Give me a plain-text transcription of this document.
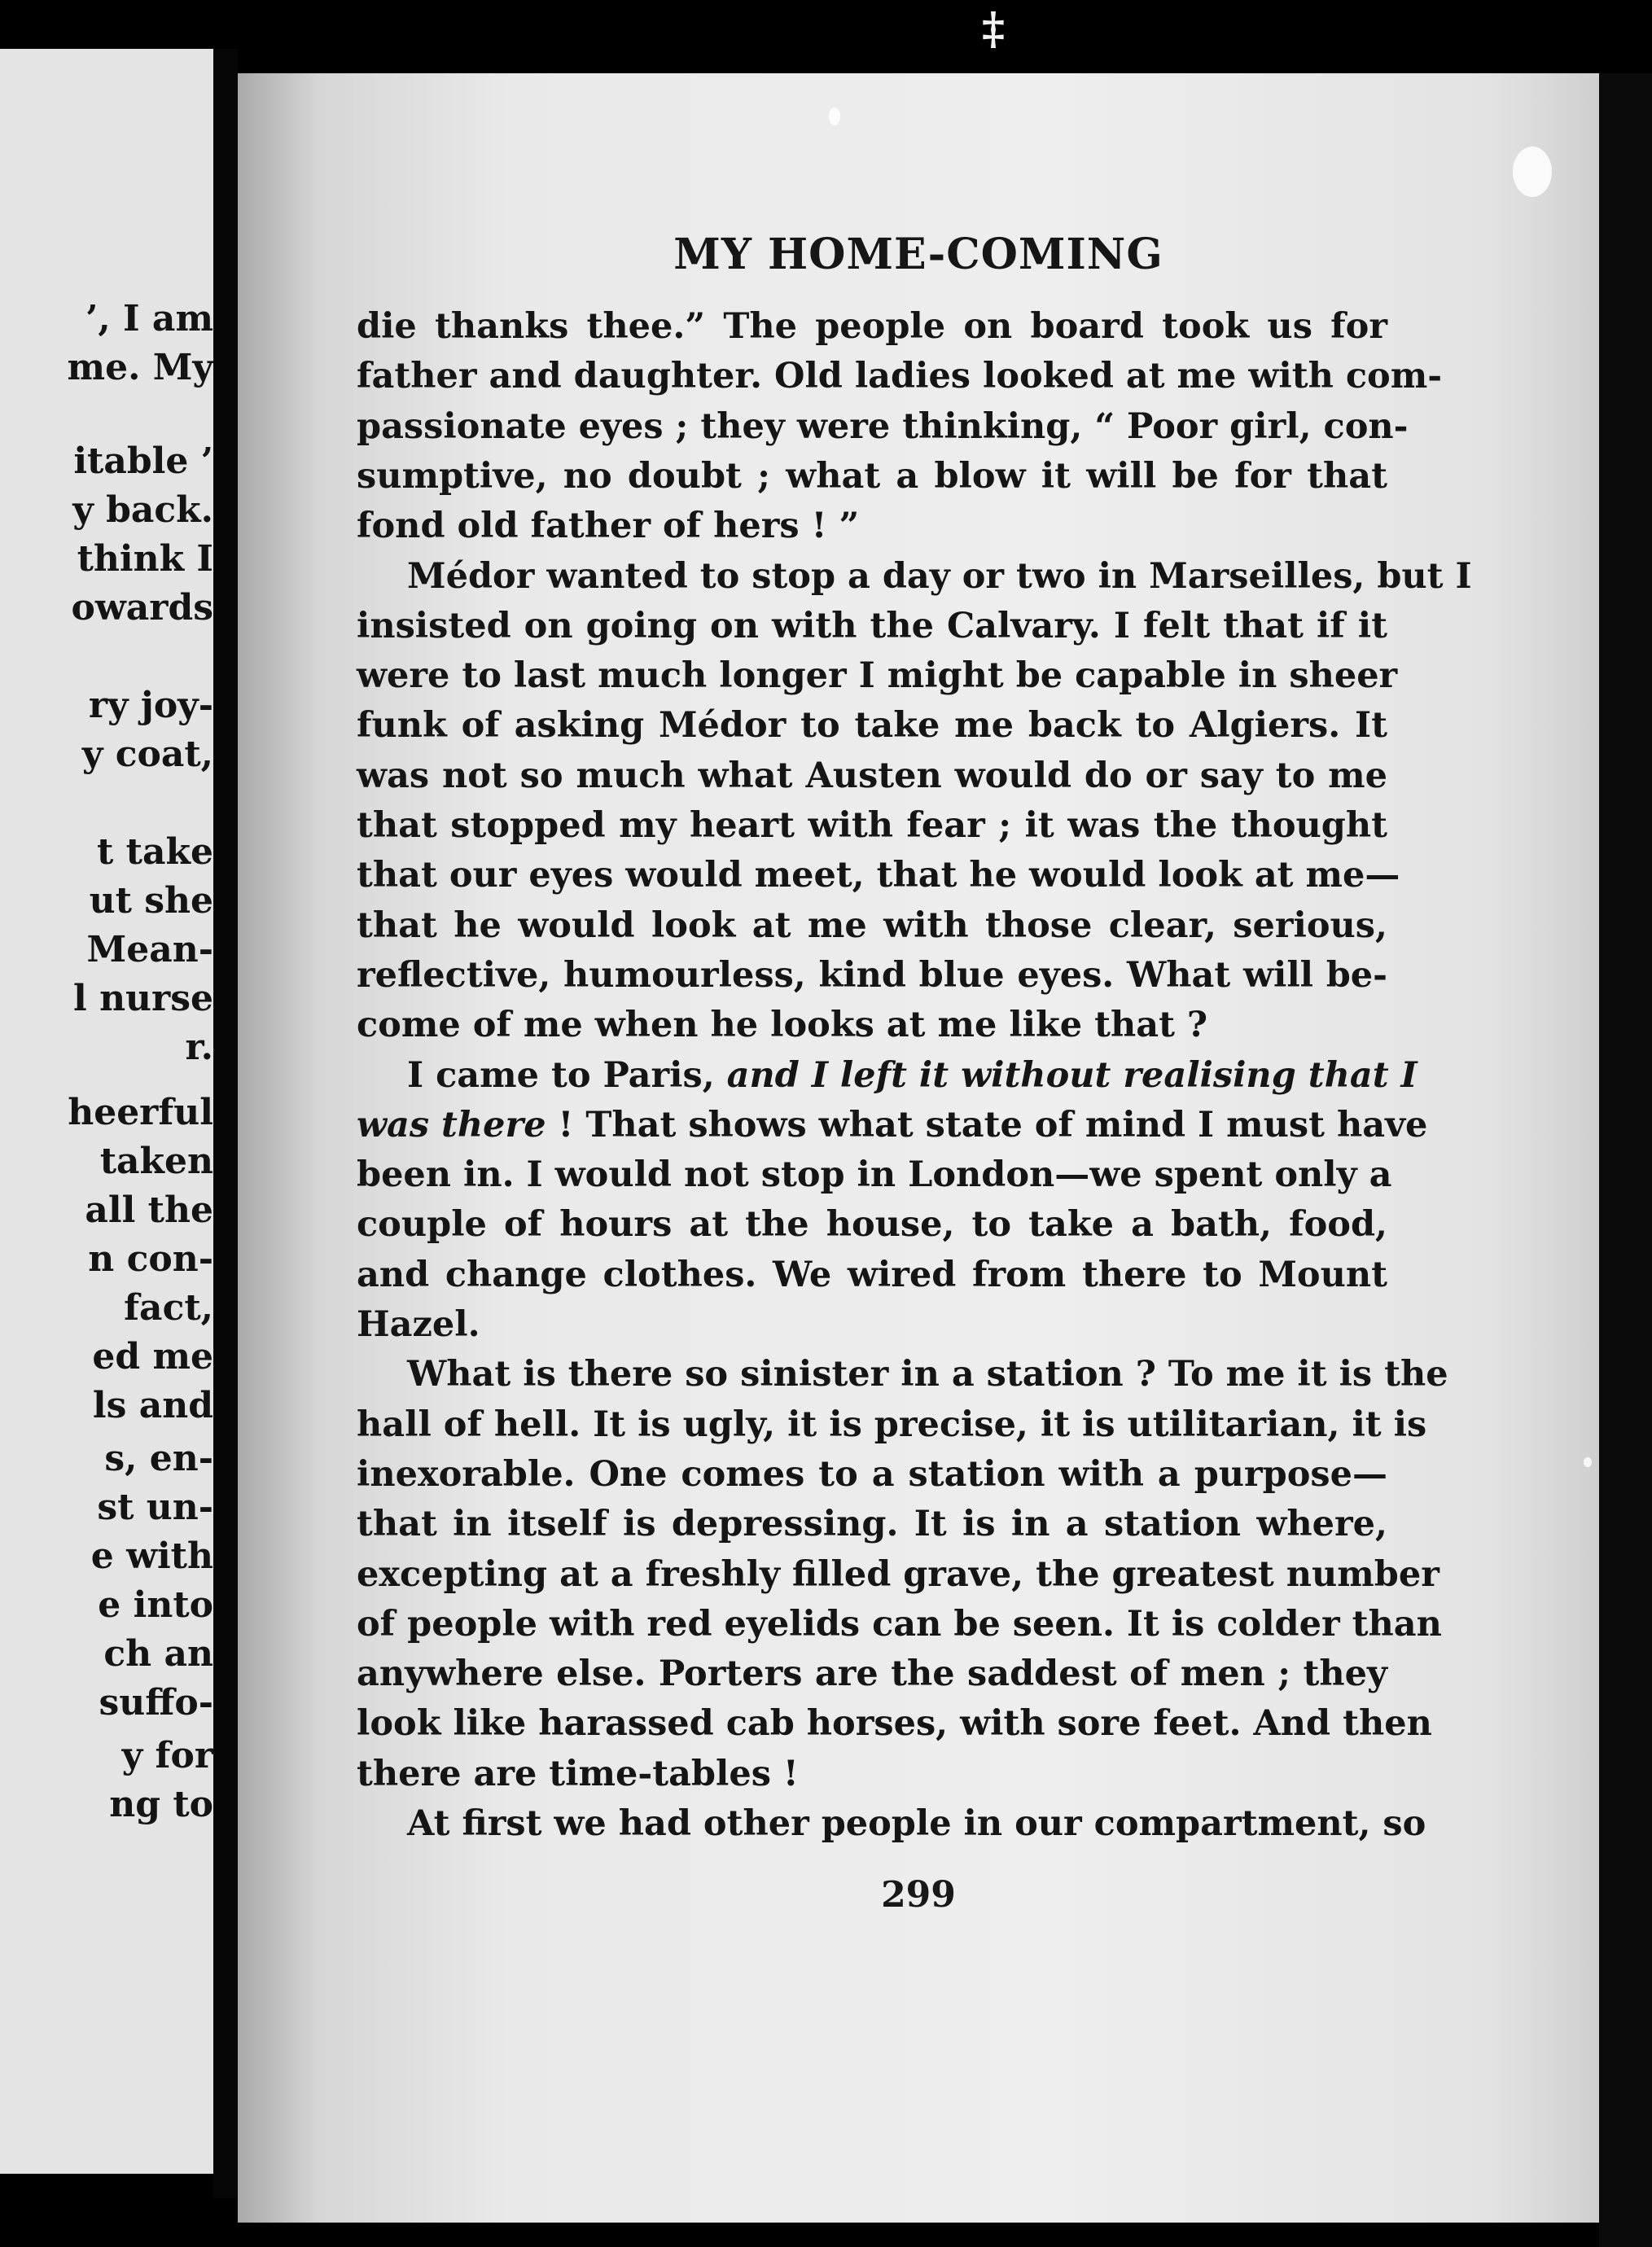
‡
’, I am
me. My
itable ’
y back.
think I
owards
ry joy-
y coat,
t take
ut she
Mean-
l nurse
r.
heerful
taken
all the
n con-
fact,
ed me
ls and
s, en-
st un-
e with
e into
ch an
suffo-
y for
ng to
MY HOME-COMING
die thanks thee.” The people on board took us for
father and daughter. Old ladies looked at me with com-
passionate eyes ; they were thinking, “ Poor girl, con-
sumptive, no doubt ; what a blow it will be for that
fond old father of hers ! ”
Médor wanted to stop a day or two in Marseilles, but I
insisted on going on with the Calvary. I felt that if it
were to last much longer I might be capable in sheer
funk of asking Médor to take me back to Algiers. It
was not so much what Austen would do or say to me
that stopped my heart with fear ; it was the thought
that our eyes would meet, that he would look at me—
that he would look at me with those clear, serious,
reflective, humourless, kind blue eyes. What will be-
come of me when he looks at me like that ?
I came to Paris, and I left it without realising that I
was there ! That shows what state of mind I must have
been in. I would not stop in London—we spent only a
couple of hours at the house, to take a bath, food,
and change clothes. We wired from there to Mount
Hazel.
What is there so sinister in a station ? To me it is the
hall of hell. It is ugly, it is precise, it is utilitarian, it is
inexorable. One comes to a station with a purpose—
that in itself is depressing. It is in a station where,
excepting at a freshly filled grave, the greatest number
of people with red eyelids can be seen. It is colder than
anywhere else. Porters are the saddest of men ; they
look like harassed cab horses, with sore feet. And then
there are time-tables !
At first we had other people in our compartment, so
299
